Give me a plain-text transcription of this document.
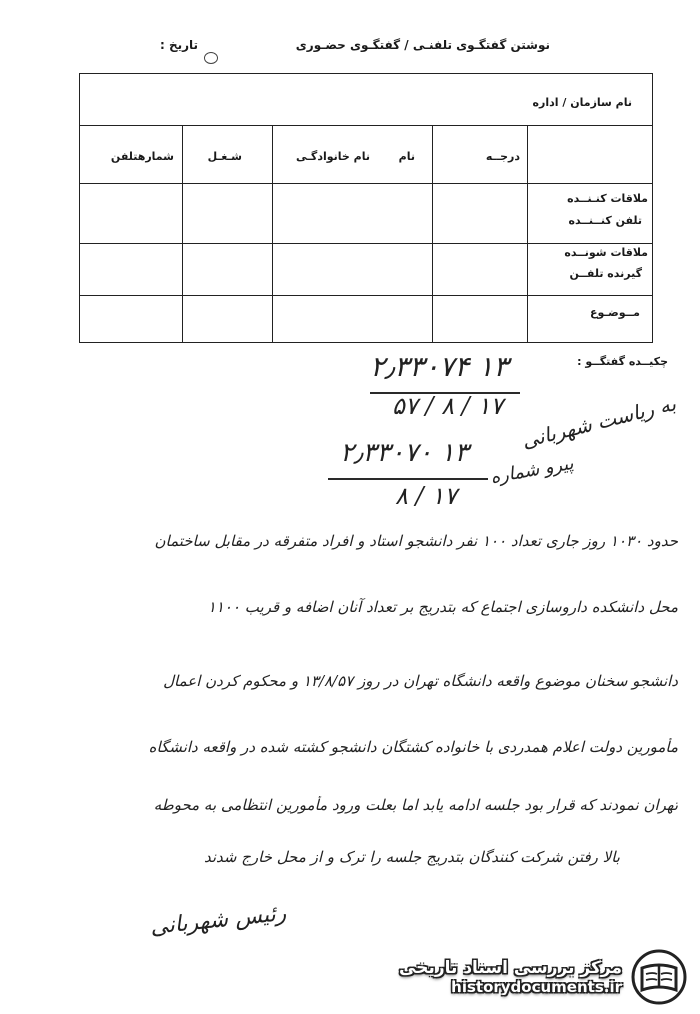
نوشتن گفتگـوی تلفنـی / گفتگـوی حضـوری
تاریخ :
نام سازمان / اداره
درجــه
نام
نام خانوادگـی
شـغـل
شمارهتلفن
ملاقات کنـنــده
تلفن کنــنــده
ملاقات شونــده
گیرنده تلفــن
مــوضـوع
چکیــده گفتگــو :
۱۳ ۲٫۳۳۰۷۴
۱۷ / ۸ / ۵۷ به ریاست شهربانی
پیرو شماره
۱۳ ۲٫۳۳۰۷۰
۱۷ / ۸
حدود ۱۰۳۰ روز جاری تعداد ۱۰۰ نفر دانشجو استاد و افراد متفرقه در مقابل ساختمان
محل دانشکده داروسازی اجتماع که بتدریج بر تعداد آنان اضافه و قریب ۱۱۰۰
دانشجو سخنان موضوع واقعه دانشگاه تهران در روز ۱۳/۸/۵۷ و محکوم کردن اعمال
مأمورین دولت اعلام همدردی با خانواده کشتگان دانشجو کشته شده در واقعه دانشگاه
تهران نمودند که قرار بود جلسه ادامه یابد اما بعلت ورود مأمورین انتظامی به محوطه
بالا رفتن شرکت کنندگان بتدریج جلسه را ترک و از محل خارج شدند
رئیس شهربانی
مرکز بررسی اسناد تاریخی
historydocuments.ir
